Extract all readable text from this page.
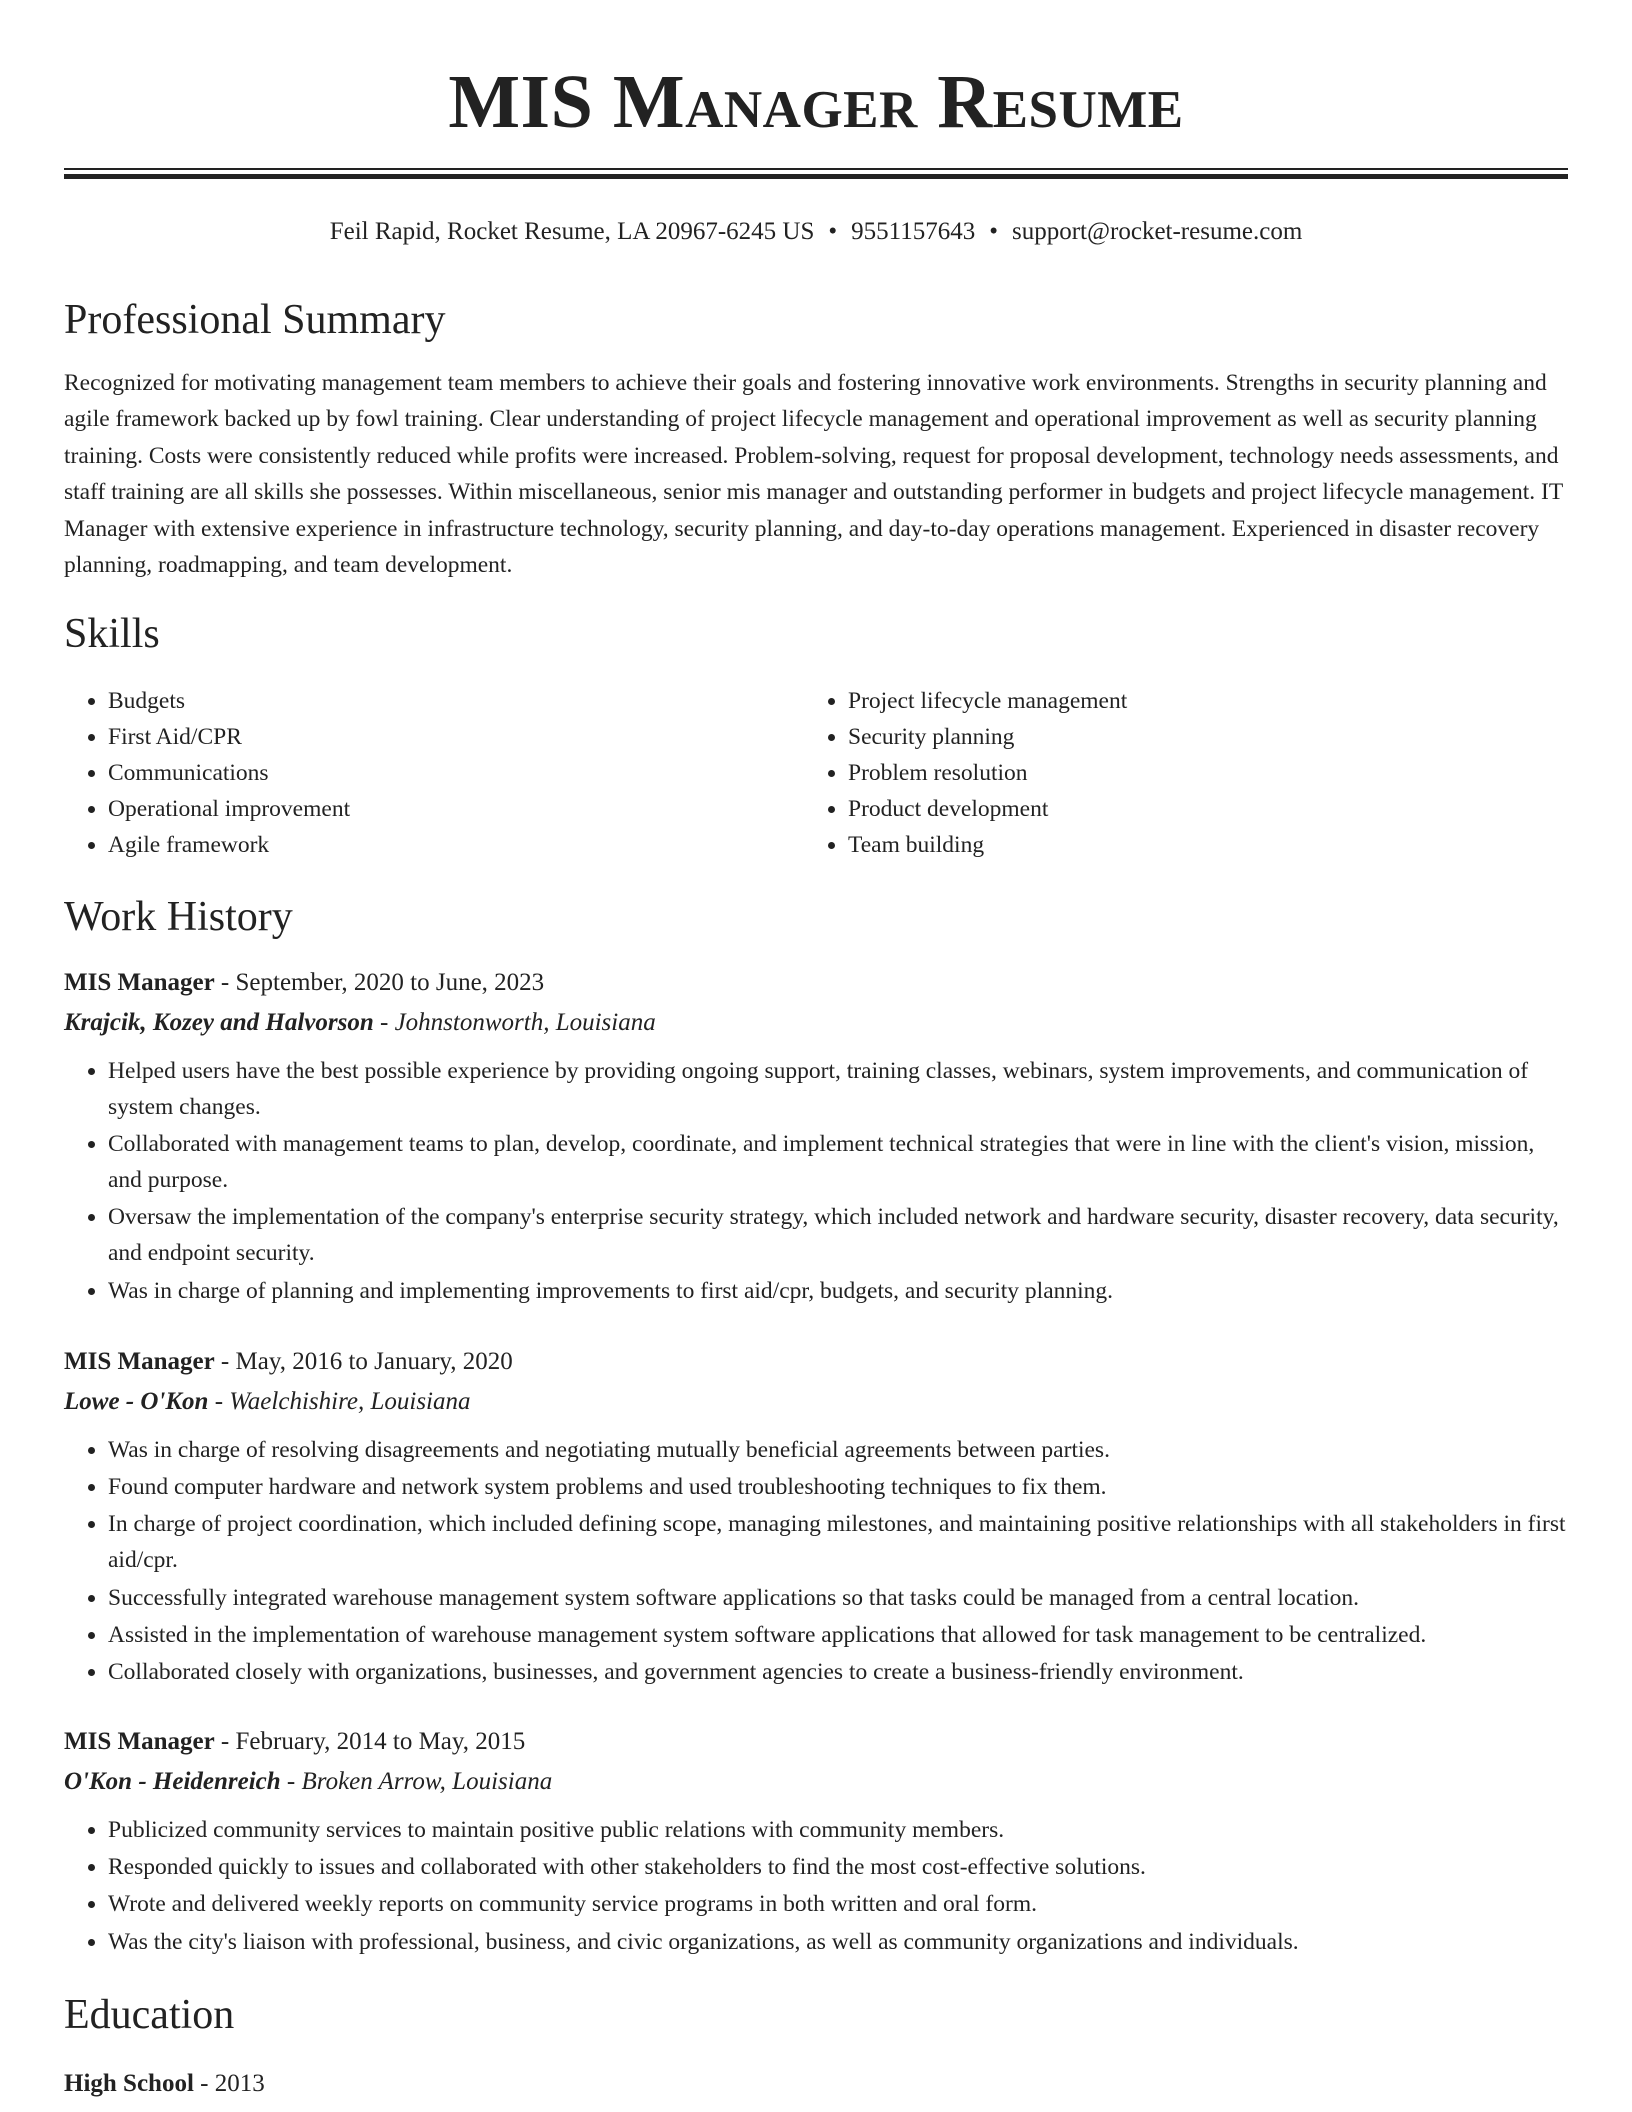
MIS Manager Resume
Feil Rapid, Rocket Resume, LA 20967-6245 US • 9551157643 • support@rocket-resume.com
Professional Summary
Recognized for motivating management team members to achieve their goals and fostering innovative work environments. Strengths in security planning and agile framework backed up by fowl training. Clear understanding of project lifecycle management and operational improvement as well as security planning training. Costs were consistently reduced while profits were increased. Problem-solving, request for proposal development, technology needs assessments, and staff training are all skills she possesses. Within miscellaneous, senior mis manager and outstanding performer in budgets and project lifecycle management. IT Manager with extensive experience in infrastructure technology, security planning, and day-to-day operations management. Experienced in disaster recovery planning, roadmapping, and team development.
Skills
• Budgets
• First Aid/CPR
• Communications
• Operational improvement
• Agile framework
• Project lifecycle management
• Security planning
• Problem resolution
• Product development
• Team building
Work History
MIS Manager - September, 2020 to June, 2023
Krajcik, Kozey and Halvorson - Johnstonworth, Louisiana
• Helped users have the best possible experience by providing ongoing support, training classes, webinars, system improvements, and communication of system changes.
• Collaborated with management teams to plan, develop, coordinate, and implement technical strategies that were in line with the client's vision, mission, and purpose.
• Oversaw the implementation of the company's enterprise security strategy, which included network and hardware security, disaster recovery, data security, and endpoint security.
• Was in charge of planning and implementing improvements to first aid/cpr, budgets, and security planning.
MIS Manager - May, 2016 to January, 2020
Lowe - O'Kon - Waelchishire, Louisiana
• Was in charge of resolving disagreements and negotiating mutually beneficial agreements between parties.
• Found computer hardware and network system problems and used troubleshooting techniques to fix them.
• In charge of project coordination, which included defining scope, managing milestones, and maintaining positive relationships with all stakeholders in first aid/cpr.
• Successfully integrated warehouse management system software applications so that tasks could be managed from a central location.
• Assisted in the implementation of warehouse management system software applications that allowed for task management to be centralized.
• Collaborated closely with organizations, businesses, and government agencies to create a business-friendly environment.
MIS Manager - February, 2014 to May, 2015
O'Kon - Heidenreich - Broken Arrow, Louisiana
• Publicized community services to maintain positive public relations with community members.
• Responded quickly to issues and collaborated with other stakeholders to find the most cost-effective solutions.
• Wrote and delivered weekly reports on community service programs in both written and oral form.
• Was the city's liaison with professional, business, and civic organizations, as well as community organizations and individuals.
Education
High School - 2013
